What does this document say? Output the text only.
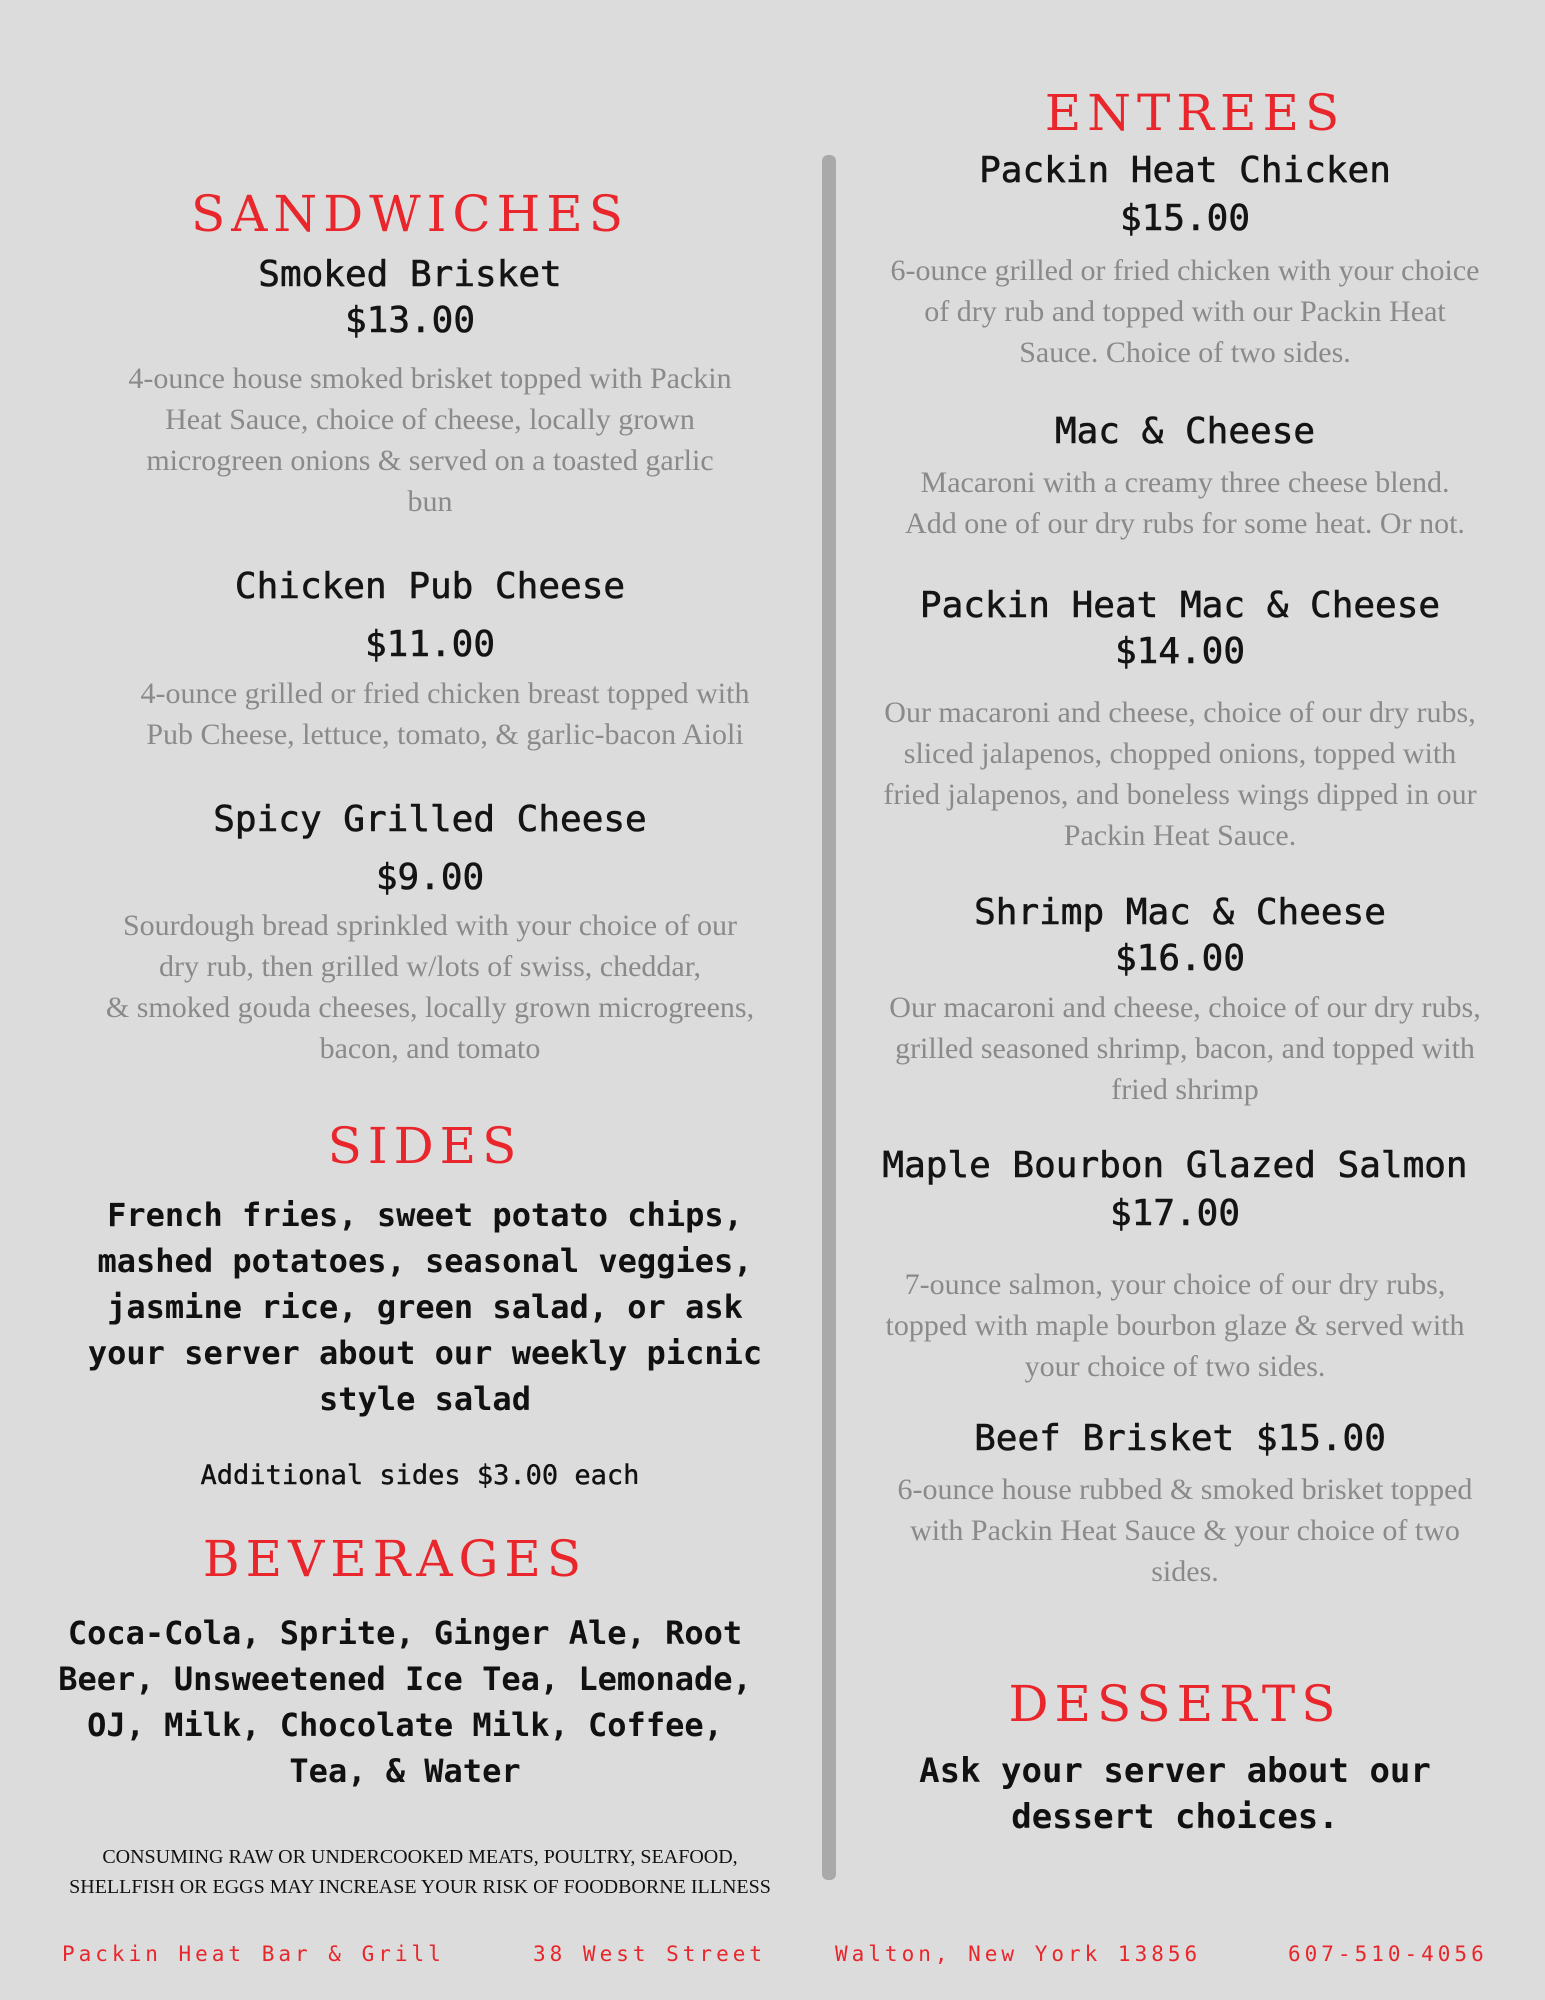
SANDWICHES
Smoked Brisket
$13.00
4-ounce house smoked brisket topped with Packin
Heat Sauce, choice of cheese, locally grown
microgreen onions & served on a toasted garlic
bun
Chicken Pub Cheese
$11.00
4-ounce grilled or fried chicken breast topped with
Pub Cheese, lettuce, tomato, & garlic-bacon Aioli
Spicy Grilled Cheese
$9.00
Sourdough bread sprinkled with your choice of our
dry rub, then grilled w/lots of swiss, cheddar,
& smoked gouda cheeses, locally grown microgreens,
bacon, and tomato
SIDES
French fries, sweet potato chips,
mashed potatoes, seasonal veggies,
jasmine rice, green salad, or ask
your server about our weekly picnic
style salad
Additional sides $3.00 each
BEVERAGES
Coca-Cola, Sprite, Ginger Ale, Root
Beer, Unsweetened Ice Tea, Lemonade,
OJ, Milk, Chocolate Milk, Coffee,
Tea, & Water
CONSUMING RAW OR UNDERCOOKED MEATS, POULTRY, SEAFOOD,
SHELLFISH OR EGGS MAY INCREASE YOUR RISK OF FOODBORNE ILLNESS
ENTREES
Packin Heat Chicken
$15.00
6-ounce grilled or fried chicken with your choice
of dry rub and topped with our Packin Heat
Sauce. Choice of two sides.
Mac & Cheese
Macaroni with a creamy three cheese blend.
Add one of our dry rubs for some heat. Or not.
Packin Heat Mac & Cheese
$14.00
Our macaroni and cheese, choice of our dry rubs,
sliced jalapenos, chopped onions, topped with
fried jalapenos, and boneless wings dipped in our
Packin Heat Sauce.
Shrimp Mac & Cheese
$16.00
Our macaroni and cheese, choice of our dry rubs,
grilled seasoned shrimp, bacon, and topped with
fried shrimp
Maple Bourbon Glazed Salmon
$17.00
7-ounce salmon, your choice of our dry rubs,
topped with maple bourbon glaze & served with
your choice of two sides.
Beef Brisket $15.00
6-ounce house rubbed & smoked brisket topped
with Packin Heat Sauce & your choice of two
sides.
DESSERTS
Ask your server about our
dessert choices.
Packin Heat Bar & Grill	38 West Street	Walton, New York 13856	607-510-4056
